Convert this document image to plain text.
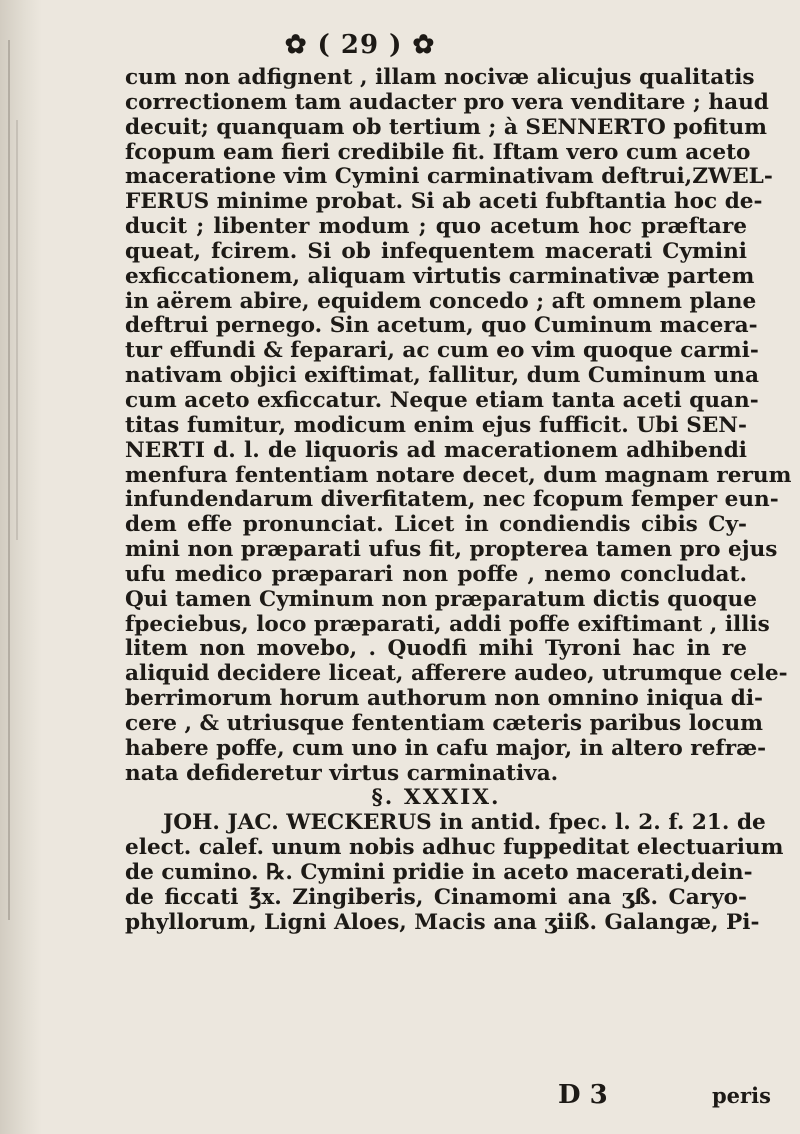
✿ ( 29 ) ✿
cum non adfignent , illam nocivæ alicujus qualitatis
correctionem tam audacter pro vera venditare ; haud
decuit; quanquam ob tertium ; à SENNERTO pofitum
fcopum eam fieri credibile fit. Iftam vero cum aceto
maceratione vim Cymini carminativam deftrui,ZWEL-
FERUS minime probat. Si ab aceti fubftantia hoc de-
ducit ; libenter modum ; quo acetum hoc præftare
queat, fcirem. Si ob infequentem macerati Cymini
exficcationem, aliquam virtutis carminativæ partem
in aërem abire, equidem concedo ; aft omnem plane
deftrui pernego. Sin acetum, quo Cuminum macera-
tur effundi & feparari, ac cum eo vim quoque carmi-
nativam objici exiftimat, fallitur, dum Cuminum una
cum aceto exficcatur. Neque etiam tanta aceti quan-
titas fumitur, modicum enim ejus fufficit. Ubi SEN-
NERTI d. l. de liquoris ad macerationem adhibendi
menfura fententiam notare decet, dum magnam rerum
infundendarum diverfitatem, nec fcopum femper eun-
dem effe pronunciat. Licet in condiendis cibis Cy-
mini non præparati ufus fit, propterea tamen pro ejus
ufu medico præparari non poffe , nemo concludat.
Qui tamen Cyminum non præparatum dictis quoque
fpeciebus, loco præparati, addi poffe exiftimant , illis
litem non movebo, . Quodfi mihi Tyroni hac in re
aliquid decidere liceat, afferere audeo, utrumque cele-
berrimorum horum authorum non omnino iniqua di-
cere , & utriusque fententiam cæteris paribus locum
habere poffe, cum uno in cafu major, in altero refræ-
nata defideretur virtus carminativa.
§. XXXIX.
JOH. JAC. WECKERUS in antid. fpec. l. 2. f. 21. de
elect. calef. unum nobis adhuc fuppeditat electuarium
de cumino. ℞. Cymini pridie in aceto macerati,dein-
de ficcati ℥x. Zingiberis, Cinamomi ana ʒß. Caryo-
phyllorum, Ligni Aloes, Macis ana ʒiiß. Galangæ, Pi-
D 3	peris
